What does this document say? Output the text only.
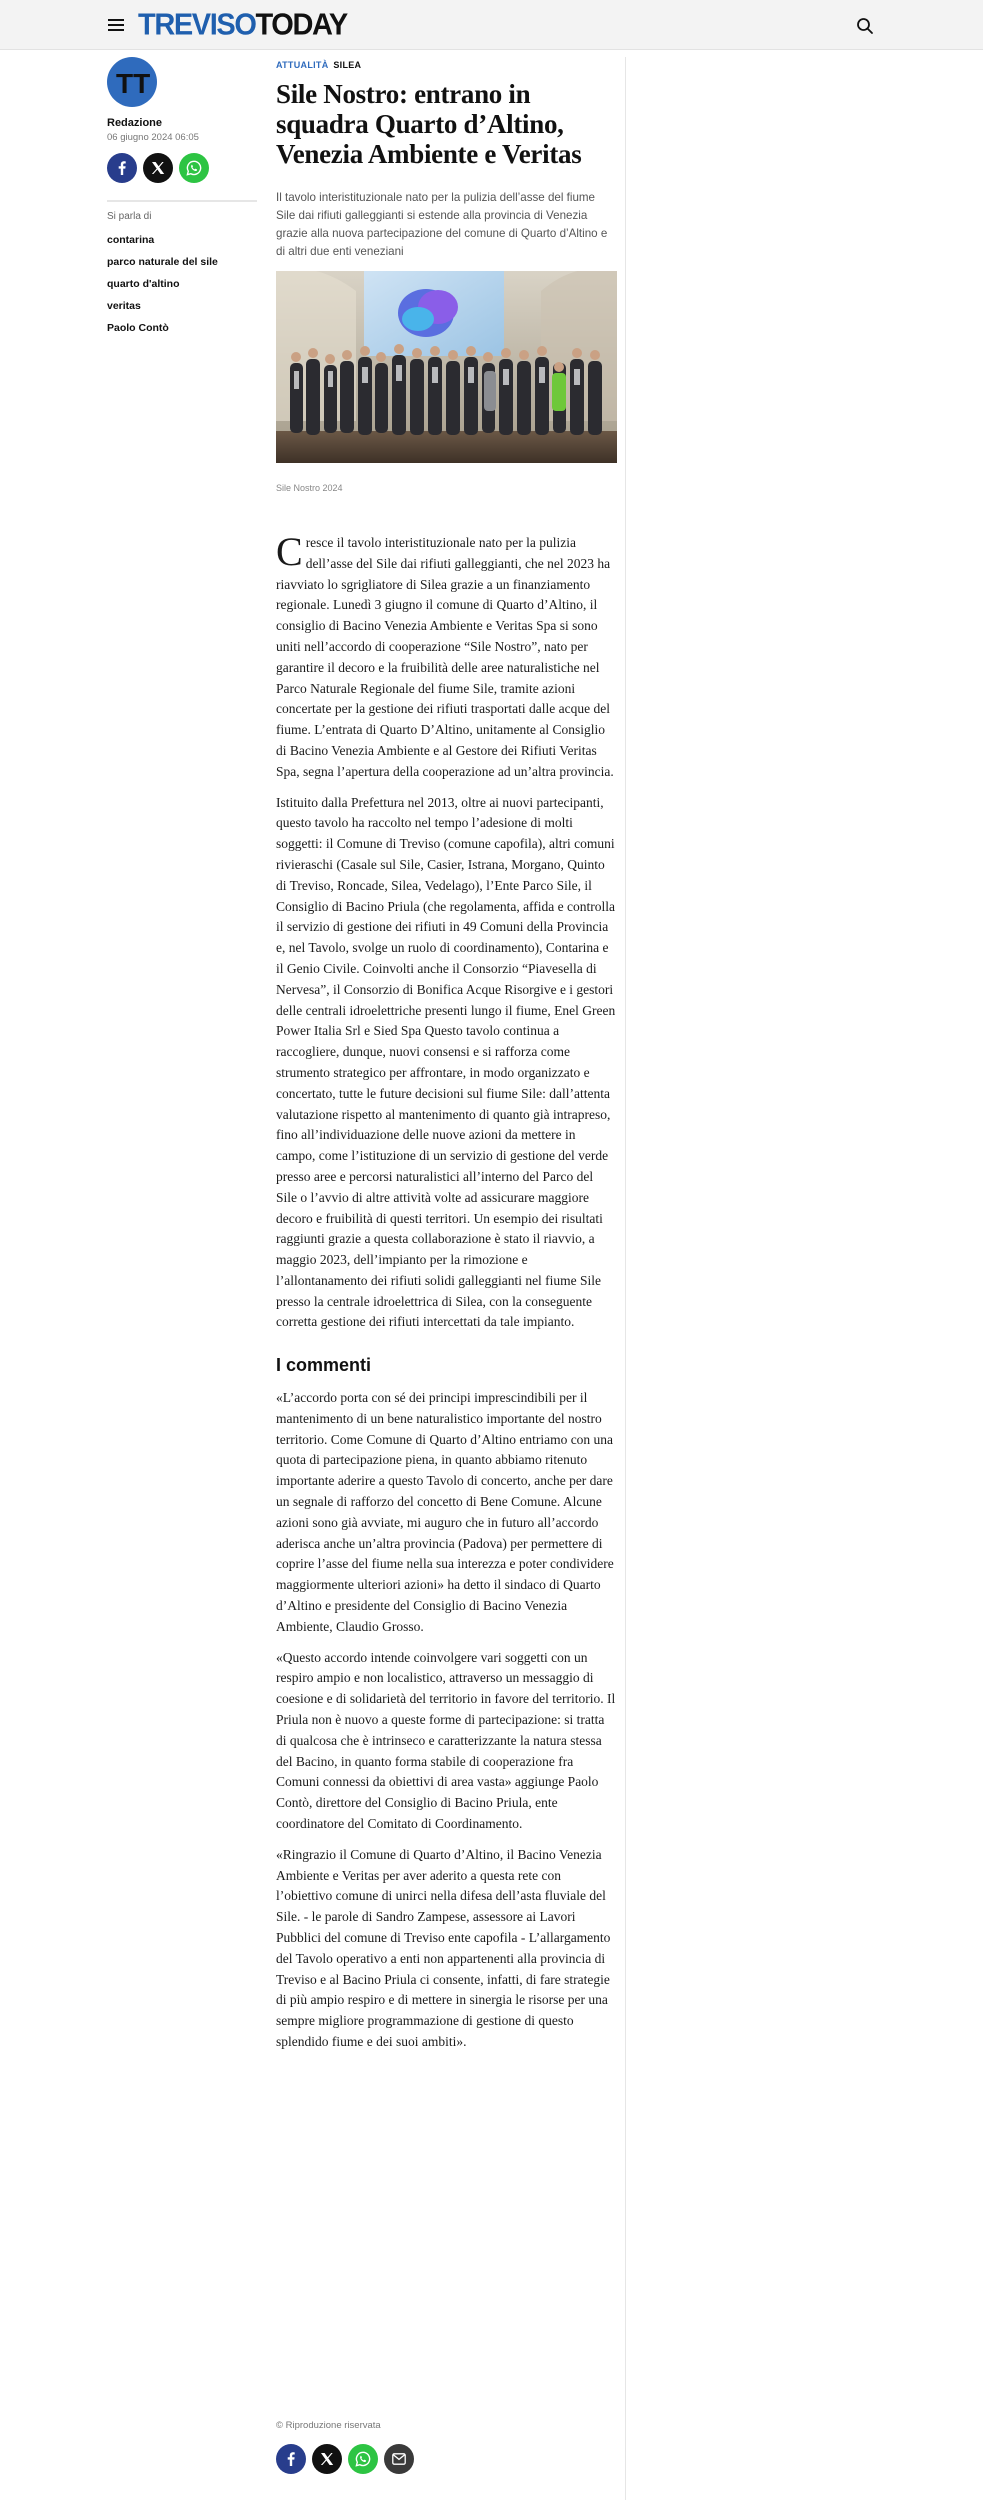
TREVISOTODAY
TT
Redazione
06 giugno 2024 06:05
Si parla di
contarina
parco naturale del sile
quarto d'altino
veritas
Paolo Contò
ATTUALITÀ SILEA
Sile Nostro: entrano in squadra Quarto d’Altino, Venezia Ambiente e Veritas

Il tavolo interistituzionale nato per la pulizia dell’asse del fiume Sile dai rifiuti galleggianti si estende alla provincia di Venezia grazie alla nuova partecipazione del comune di Quarto d’Altino e di altri due enti veneziani

Sile Nostro 2024

Cresce il tavolo interistituzionale nato per la pulizia dell’asse del Sile dai rifiuti galleggianti, che nel 2023 ha riavviato lo sgrigliatore di Silea grazie a un finanziamento regionale. Lunedì 3 giugno il comune di Quarto d’Altino, il consiglio di Bacino Venezia Ambiente e Veritas Spa si sono uniti nell’accordo di cooperazione “Sile Nostro”, nato per garantire il decoro e la fruibilità delle aree naturalistiche nel Parco Naturale Regionale del fiume Sile, tramite azioni concertate per la gestione dei rifiuti trasportati dalle acque del fiume. L’entrata di Quarto D’Altino, unitamente al Consiglio di Bacino Venezia Ambiente e al Gestore dei Rifiuti Veritas Spa, segna l’apertura della cooperazione ad un’altra provincia.

Istituito dalla Prefettura nel 2013, oltre ai nuovi partecipanti, questo tavolo ha raccolto nel tempo l’adesione di molti soggetti: il Comune di Treviso (comune capofila), altri comuni rivieraschi (Casale sul Sile, Casier, Istrana, Morgano, Quinto di Treviso, Roncade, Silea, Vedelago), l’Ente Parco Sile, il Consiglio di Bacino Priula (che regolamenta, affida e controlla il servizio di gestione dei rifiuti in 49 Comuni della Provincia e, nel Tavolo, svolge un ruolo di coordinamento), Contarina e il Genio Civile. Coinvolti anche il Consorzio “Piavesella di Nervesa”, il Consorzio di Bonifica Acque Risorgive e i gestori delle centrali idroelettriche presenti lungo il fiume, Enel Green Power Italia Srl e Sied Spa Questo tavolo continua a raccogliere, dunque, nuovi consensi e si rafforza come strumento strategico per affrontare, in modo organizzato e concertato, tutte le future decisioni sul fiume Sile: dall’attenta valutazione rispetto al mantenimento di quanto già intrapreso, fino all’individuazione delle nuove azioni da mettere in campo, come l’istituzione di un servizio di gestione del verde presso aree e percorsi naturalistici all’interno del Parco del Sile o l’avvio di altre attività volte ad assicurare maggiore decoro e fruibilità di questi territori. Un esempio dei risultati raggiunti grazie a questa collaborazione è stato il riavvio, a maggio 2023, dell’impianto per la rimozione e l’allontanamento dei rifiuti solidi galleggianti nel fiume Sile presso la centrale idroelettrica di Silea, con la conseguente corretta gestione dei rifiuti intercettati da tale impianto.

I commenti

«L’accordo porta con sé dei principi imprescindibili per il mantenimento di un bene naturalistico importante del nostro territorio. Come Comune di Quarto d’Altino entriamo con una quota di partecipazione piena, in quanto abbiamo ritenuto importante aderire a questo Tavolo di concerto, anche per dare un segnale di rafforzo del concetto di Bene Comune. Alcune azioni sono già avviate, mi auguro che in futuro all’accordo aderisca anche un’altra provincia (Padova) per permettere di coprire l’asse del fiume nella sua interezza e poter condividere maggiormente ulteriori azioni» ha detto il sindaco di Quarto d’Altino e presidente del Consiglio di Bacino Venezia Ambiente, Claudio Grosso.

«Questo accordo intende coinvolgere vari soggetti con un respiro ampio e non localistico, attraverso un messaggio di coesione e di solidarietà del territorio in favore del territorio. Il Priula non è nuovo a queste forme di partecipazione: si tratta di qualcosa che è intrinseco e caratterizzante la natura stessa del Bacino, in quanto forma stabile di cooperazione fra Comuni connessi da obiettivi di area vasta» aggiunge Paolo Contò, direttore del Consiglio di Bacino Priula, ente coordinatore del Comitato di Coordinamento.

«Ringrazio il Comune di Quarto d’Altino, il Bacino Venezia Ambiente e Veritas per aver aderito a questa rete con l’obiettivo comune di unirci nella difesa dell’asta fluviale del Sile. - le parole di Sandro Zampese, assessore ai Lavori Pubblici del comune di Treviso ente capofila - L’allargamento del Tavolo operativo a enti non appartenenti alla provincia di Treviso e al Bacino Priula ci consente, infatti, di fare strategie di più ampio respiro e di mettere in sinergia le risorse per una sempre migliore programmazione di gestione di questo splendido fiume e dei suoi ambiti».

© Riproduzione riservata
